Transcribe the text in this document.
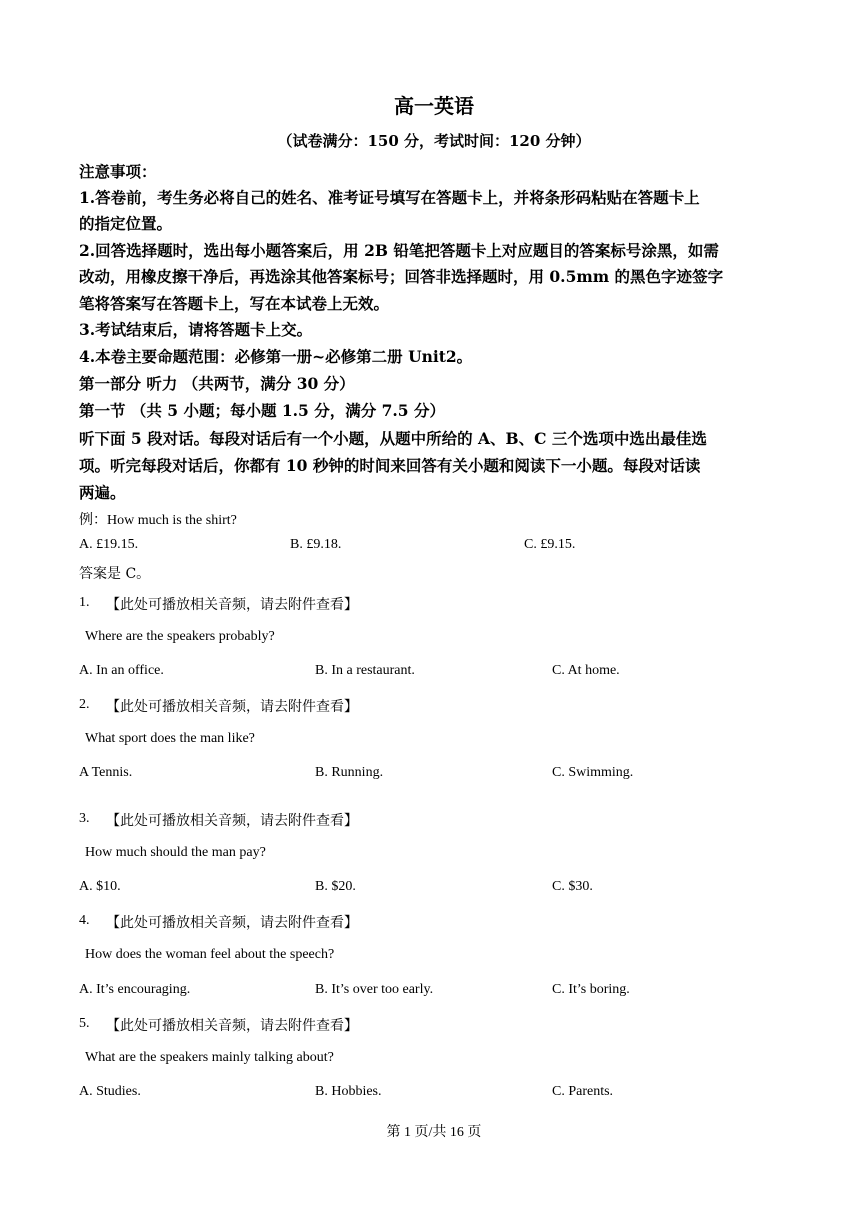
高一英语
（试卷满分：150 分，考试时间：120 分钟）
注意事项：
1.答卷前，考生务必将自己的姓名、准考证号填写在答题卡上，并将条形码粘贴在答题卡上
的指定位置。
2.回答选择题时，选出每小题答案后，用 2B 铅笔把答题卡上对应题目的答案标号涂黑，如需
改动，用橡皮擦干净后，再选涂其他答案标号；回答非选择题时，用 0.5mm 的黑色字迹签字
笔将答案写在答题卡上，写在本试卷上无效。
3.考试结束后，请将答题卡上交。
4.本卷主要命题范围：必修第一册~必修第二册 Unit2。
第一部分 听力 （共两节，满分 30 分）
第一节 （共 5 小题；每小题 1.5 分，满分 7.5 分）
听下面 5 段对话。每段对话后有一个小题，从题中所给的 A、B、C 三个选项中选出最佳选
项。听完每段对话后，你都有 10 秒钟的时间来回答有关小题和阅读下一小题。每段对话读
两遍。
例：How much is the shirt?
A. £19.15.	B. £9.18.	C. £9.15.
答案是 C。
1. 【此处可播放相关音频，请去附件查看】
Where are the speakers probably?
A. In an office.	B. In a restaurant.	C. At home.
2. 【此处可播放相关音频，请去附件查看】
What sport does the man like?
A Tennis.	B. Running.	C. Swimming.
3. 【此处可播放相关音频，请去附件查看】
How much should the man pay?
A. $10.	B. $20.	C. $30.
4. 【此处可播放相关音频，请去附件查看】
How does the woman feel about the speech?
A. It’s encouraging.	B. It’s over too early.	C. It’s boring.
5. 【此处可播放相关音频，请去附件查看】
What are the speakers mainly talking about?
A. Studies.	B. Hobbies.	C. Parents.
第 1 页/共 16 页
